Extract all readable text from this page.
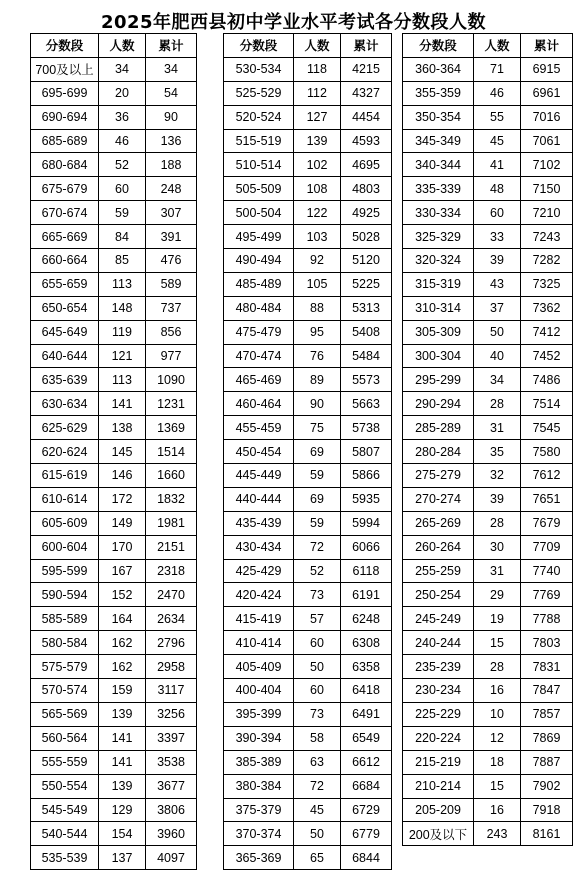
2025年肥西县初中学业水平考试各分数段人数
分数段	人数	累计
700及以上	34	34
695-699	20	54
690-694	36	90
685-689	46	136
680-684	52	188
675-679	60	248
670-674	59	307
665-669	84	391
660-664	85	476
655-659	113	589
650-654	148	737
645-649	119	856
640-644	121	977
635-639	113	1090
630-634	141	1231
625-629	138	1369
620-624	145	1514
615-619	146	1660
610-614	172	1832
605-609	149	1981
600-604	170	2151
595-599	167	2318
590-594	152	2470
585-589	164	2634
580-584	162	2796
575-579	162	2958
570-574	159	3117
565-569	139	3256
560-564	141	3397
555-559	141	3538
550-554	139	3677
545-549	129	3806
540-544	154	3960
535-539	137	4097
分数段	人数	累计
530-534	118	4215
525-529	112	4327
520-524	127	4454
515-519	139	4593
510-514	102	4695
505-509	108	4803
500-504	122	4925
495-499	103	5028
490-494	92	5120
485-489	105	5225
480-484	88	5313
475-479	95	5408
470-474	76	5484
465-469	89	5573
460-464	90	5663
455-459	75	5738
450-454	69	5807
445-449	59	5866
440-444	69	5935
435-439	59	5994
430-434	72	6066
425-429	52	6118
420-424	73	6191
415-419	57	6248
410-414	60	6308
405-409	50	6358
400-404	60	6418
395-399	73	6491
390-394	58	6549
385-389	63	6612
380-384	72	6684
375-379	45	6729
370-374	50	6779
365-369	65	6844
分数段	人数	累计
360-364	71	6915
355-359	46	6961
350-354	55	7016
345-349	45	7061
340-344	41	7102
335-339	48	7150
330-334	60	7210
325-329	33	7243
320-324	39	7282
315-319	43	7325
310-314	37	7362
305-309	50	7412
300-304	40	7452
295-299	34	7486
290-294	28	7514
285-289	31	7545
280-284	35	7580
275-279	32	7612
270-274	39	7651
265-269	28	7679
260-264	30	7709
255-259	31	7740
250-254	29	7769
245-249	19	7788
240-244	15	7803
235-239	28	7831
230-234	16	7847
225-229	10	7857
220-224	12	7869
215-219	18	7887
210-214	15	7902
205-209	16	7918
200及以下	243	8161
